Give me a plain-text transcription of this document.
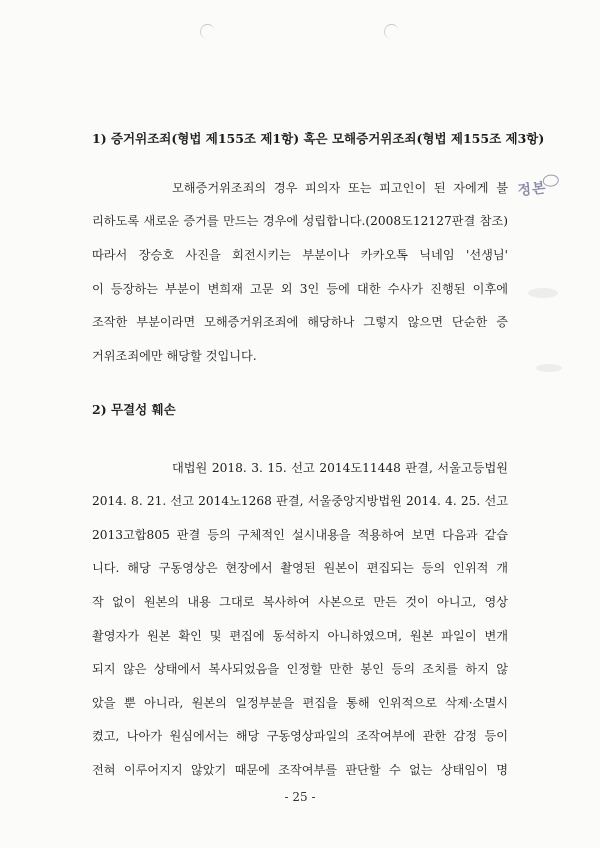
1) 증거위조죄(형법 제155조 제1항) 혹은 모해증거위조죄(형법 제155조 제3항)
모해증거위조죄의 경우 피의자 또는 피고인이 된 자에게 불
리하도록 새로운 증거를 만드는 경우에 성립합니다.(2008도12127판결 참조)
따라서 장승호 사진을 회전시키는 부분이나 카카오톡 닉네임 '선생님'
이 등장하는 부분이 변희재 고문 외 3인 등에 대한 수사가 진행된 이후에
조작한 부분이라면 모해증거위조죄에 해당하나 그렇지 않으면 단순한 증
거위조죄에만 해당할 것입니다.
2) 무결성 훼손
대법원 2018. 3. 15. 선고 2014도11448 판결, 서울고등법원
2014. 8. 21. 선고 2014노1268 판결, 서울중앙지방법원 2014. 4. 25. 선고
2013고합805 판결 등의 구체적인 설시내용을 적용하여 보면 다음과 같습
니다. 해당 구동영상은 현장에서 촬영된 원본이 편집되는 등의 인위적 개
작 없이 원본의 내용 그대로 복사하여 사본으로 만든 것이 아니고, 영상
촬영자가 원본 확인 및 편집에 동석하지 아니하였으며, 원본 파일이 변개
되지 않은 상태에서 복사되었음을 인정할 만한 봉인 등의 조치를 하지 않
았을 뿐 아니라, 원본의 일정부분을 편집을 통해 인위적으로 삭제·소멸시
켰고, 나아가 원심에서는 해당 구동영상파일의 조작여부에 관한 감정 등이
전혀 이루어지지 않았기 때문에 조작여부를 판단할 수 없는 상태임이 명
정본
- 25 -
